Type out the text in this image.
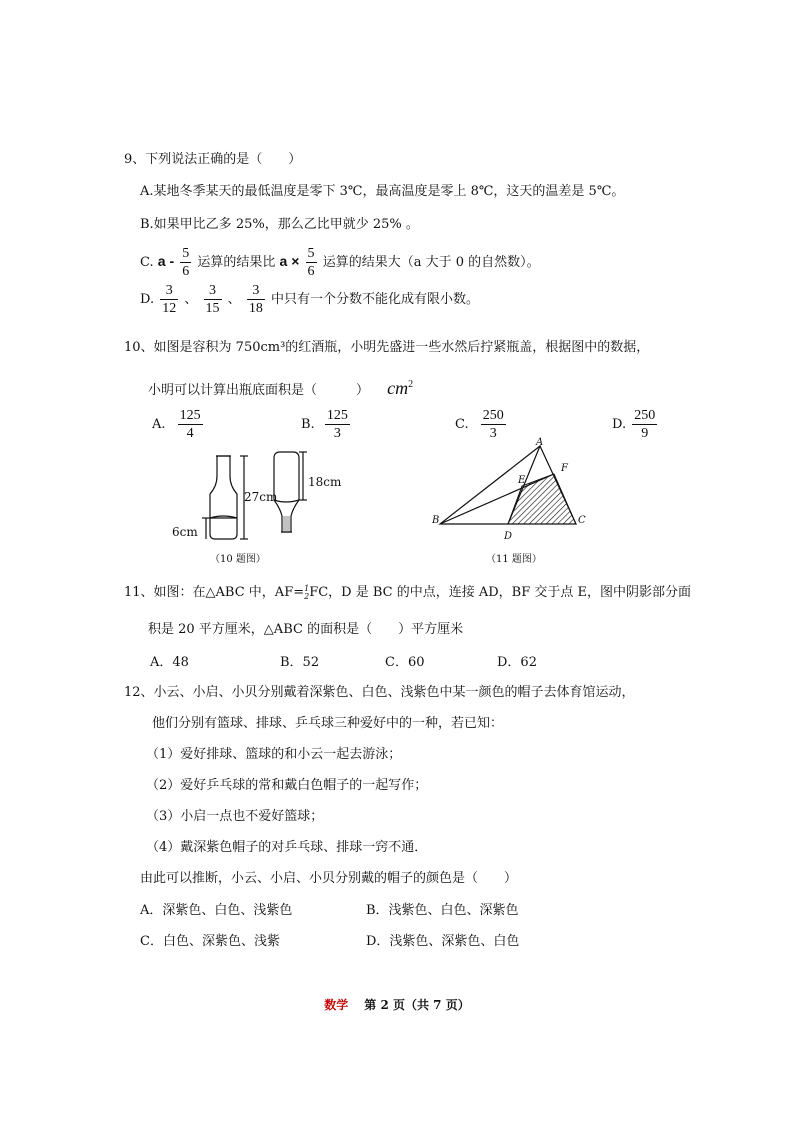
9、下列说法正确的是（　　）
A.某地冬季某天的最低温度是零下 3℃，最高温度是零上 8℃，这天的温差是 5℃。
B.如果甲比乙多 25%，那么乙比甲就少 25% 。
C. a - $\frac{5}{6}$ 运算的结果比 $a \times \frac{5}{6}$ 运算的结果大（a 大于 0 的自然数）。
D. $\frac{3}{12}$ 、 $\frac{3}{15}$ 、 $\frac{3}{18}$ 中只有一个分数不能化成有限小数。
10、如图是容积为 750cm³的红酒瓶，小明先盛进一些水然后拧紧瓶盖，根据图中的数据，
小明可以计算出瓶底面积是（　　　） $cm^2$
A. $\frac{125}{4}$	B. $\frac{125}{3}$	C. $\frac{250}{3}$	D. $\frac{250}{9}$
27cm
18cm
6cm
（10 题图）
A
B	C
D
E
F
（11 题图）
11、如图：在△ABC 中，AF= 1
2 FC，D 是 BC 的中点，连接 AD，BF 交于点 E，图中阴影部分面
积是 20 平方厘米，△ABC 的面积是（　　）平方厘米
A．48	B．52	C．60	D．62
12、小云、小启、小贝分别戴着深紫色、白色、浅紫色中某一颜色的帽子去体育馆运动，
他们分别有篮球、排球、乒乓球三种爱好中的一种，若已知：
（1）爱好排球、篮球的和小云一起去游泳；
（2）爱好乒乓球的常和戴白色帽子的一起写作；
（3）小启一点也不爱好篮球；
（4）戴深紫色帽子的对乒乓球、排球一窍不通．
由此可以推断，小云、小启、小贝分别戴的帽子的颜色是（　　）
A．深紫色、白色、浅紫色	B．浅紫色、白色、深紫色
C．白色、深紫色、浅紫	D．浅紫色、深紫色、白色
数学 第 2 页（共 7 页）
